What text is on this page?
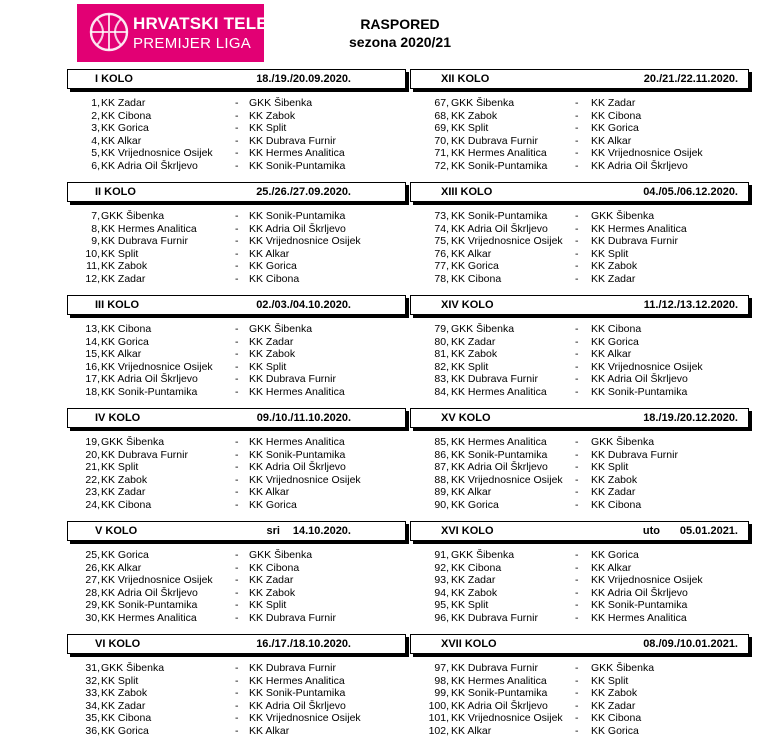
HRVATSKI TELEKOM
PREMIJER LIGA
RASPORED
sezona 2020/21
I KOLO	18./19./20.09.2020.
1, KK Zadar	- GKK Šibenka
2, KK Cibona	- KK Zabok
3, KK Gorica	- KK Split
4, KK Alkar	- KK Dubrava Furnir
5, KK Vrijednosnice Osijek - KK Hermes Analitica
6, KK Adria Oil Škrljevo	- KK Sonik-Puntamika
II KOLO	25./26./27.09.2020.
7, GKK Šibenka	- KK Sonik-Puntamika
8, KK Hermes Analitica	- KK Adria Oil Škrljevo
9, KK Dubrava Furnir	- KK Vrijednosnice Osijek
10, KK Split	- KK Alkar
11, KK Zabok	- KK Gorica
12, KK Zadar	- KK Cibona
III KOLO	02./03./04.10.2020.
13, KK Cibona	- GKK Šibenka
14, KK Gorica	- KK Zadar
15, KK Alkar	- KK Zabok
16, KK Vrijednosnice Osijek - KK Split
17, KK Adria Oil Škrljevo	- KK Dubrava Furnir
18, KK Sonik-Puntamika	- KK Hermes Analitica
IV KOLO	09./10./11.10.2020.
19, GKK Šibenka	- KK Hermes Analitica
20, KK Dubrava Furnir	- KK Sonik-Puntamika
21, KK Split	- KK Adria Oil Škrljevo
22, KK Zabok	- KK Vrijednosnice Osijek
23, KK Zadar	- KK Alkar
24, KK Cibona	- KK Gorica
V KOLO	sri 14.10.2020.
25, KK Gorica	- GKK Šibenka
26, KK Alkar	- KK Cibona
27, KK Vrijednosnice Osijek - KK Zadar
28, KK Adria Oil Škrljevo	- KK Zabok
29, KK Sonik-Puntamika	- KK Split
30, KK Hermes Analitica	- KK Dubrava Furnir
VI KOLO	16./17./18.10.2020.
31, GKK Šibenka	- KK Dubrava Furnir
32, KK Split	- KK Hermes Analitica
33, KK Zabok	- KK Sonik-Puntamika
34, KK Zadar	- KK Adria Oil Škrljevo
35, KK Cibona	- KK Vrijednosnice Osijek
36, KK Gorica	- KK Alkar
XII KOLO	20./21./22.11.2020.
67, GKK Šibenka	- KK Zadar
68, KK Zabok	- KK Cibona
69, KK Split	- KK Gorica
70, KK Dubrava Furnir	- KK Alkar
71, KK Hermes Analitica	- KK Vrijednosnice Osijek
72, KK Sonik-Puntamika	- KK Adria Oil Škrljevo
XIII KOLO	04./05./06.12.2020.
73, KK Sonik-Puntamika	- GKK Šibenka
74, KK Adria Oil Škrljevo	- KK Hermes Analitica
75, KK Vrijednosnice Osijek - KK Dubrava Furnir
76, KK Alkar	- KK Split
77, KK Gorica	- KK Zabok
78, KK Cibona	- KK Zadar
XIV KOLO	11./12./13.12.2020.
79, GKK Šibenka	- KK Cibona
80, KK Zadar	- KK Gorica
81, KK Zabok	- KK Alkar
82, KK Split	- KK Vrijednosnice Osijek
83, KK Dubrava Furnir	- KK Adria Oil Škrljevo
84, KK Hermes Analitica	- KK Sonik-Puntamika
XV KOLO	18./19./20.12.2020.
85, KK Hermes Analitica	- GKK Šibenka
86, KK Sonik-Puntamika	- KK Dubrava Furnir
87, KK Adria Oil Škrljevo	- KK Split
88, KK Vrijednosnice Osijek - KK Zabok
89, KK Alkar	- KK Zadar
90, KK Gorica	- KK Cibona
XVI KOLO	uto 05.01.2021.
91, GKK Šibenka	- KK Gorica
92, KK Cibona	- KK Alkar
93, KK Zadar	- KK Vrijednosnice Osijek
94, KK Zabok	- KK Adria Oil Škrljevo
95, KK Split	- KK Sonik-Puntamika
96, KK Dubrava Furnir	- KK Hermes Analitica
XVII KOLO	08./09./10.01.2021.
97, KK Dubrava Furnir	- GKK Šibenka
98, KK Hermes Analitica	- KK Split
99, KK Sonik-Puntamika	- KK Zabok
100, KK Adria Oil Škrljevo	- KK Zadar
101, KK Vrijednosnice Osijek - KK Cibona
102, KK Alkar	- KK Gorica
